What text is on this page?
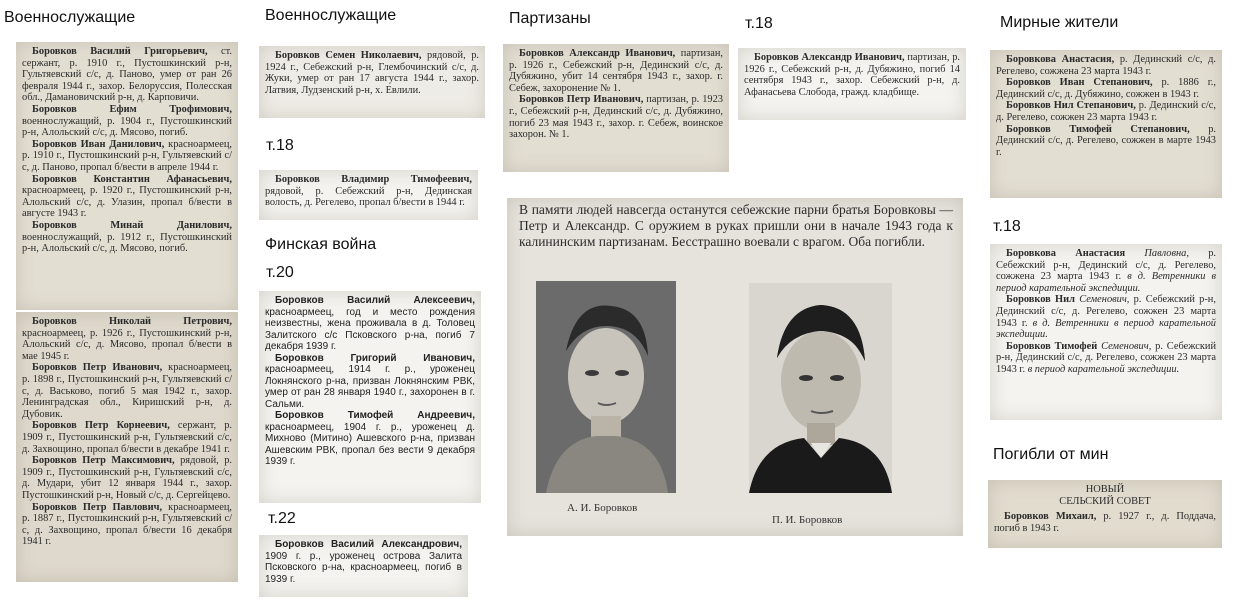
Военнослужащие	Военнослужащие	Партизаны	т.18	Мирные жители
т.18
Финская война
т.20
т.22
т.18
Погибли от мин

Боровков Василий Григорьевич, ст. сержант, р. 1910 г., Пустошкинский р-н, Гультяевский с/с, д. Паново, умер от ран 26 февраля 1944 г., захор. Белоруссия, Полесская обл., Дамановичский р-н, д. Карповичи.

Боровков Ефим Трофимович, военнослужащий, р. 1904 г., Пустошкинский р-н, Алольский с/с, д. Мясово, погиб.

Боровков Иван Данилович, красноармеец, р. 1910 г., Пустошкинский р-н, Гультяевский с/с, д. Паново, пропал б/вести в апреле 1944 г.

Боровков Константин Афанасьевич, красноармеец, р. 1920 г., Пустошкинский р-н, Алольский с/с, д. Улазин, пропал б/вести в августе 1943 г.

Боровков Минай Данилович, военнослужащий, р. 1912 г., Пустошкинский р-н, Алольский с/с, д. Мясово, погиб.

Боровков Николай Петрович, красноармеец, р. 1926 г., Пустошкинский р-н, Алольский с/с, д. Мясово, пропал б/вести в мае 1945 г.

Боровков Петр Иванович, красноармеец, р. 1898 г., Пустошкинский р-н, Гультяевский с/с, д. Васьково, погиб 5 мая 1942 г., захор. Ленинградская обл., Киришский р-н, д. Дубовик.

Боровков Петр Корнеевич, сержант, р. 1909 г., Пустошкинский р-н, Гультяевский с/с, д. Захвощино, пропал б/вести в декабре 1941 г.

Боровков Петр Максимович, рядовой, р. 1909 г., Пустошкинский р-н, Гультяевский с/с, д. Мудари, убит 12 января 1944 г., захор. Пустошкинский р-н, Новый с/с, д. Сергейцево.

Боровков Петр Павлович, красноармеец, р. 1887 г., Пустошкинский р-н, Гультяевский с/с, д. Захвощино, пропал б/вести 16 декабря 1941 г.

Боровков Семен Николаевич, рядовой, р. 1924 г., Себежский р-н, Глембочинский с/с, д. Жуки, умер от ран 17 августа 1944 г., захор. Латвия, Лудзенский р-н, х. Евлили.

Боровков Владимир Тимофеевич, рядовой, р. Себежский р-н, Дединская волость, д. Регелево, пропал б/вести в 1944 г.

Боровков Василий Алексеевич, красноармеец, год и место рождения неизвестны, жена проживала в д. Толовец Залитского с/с Псковского р-на, погиб 7 декабря 1939 г.

Боровков Григорий Иванович, красноармеец, 1914 г. р., уроженец Локнянского р-на, призван Локнянским РВК, умер от ран 28 января 1940 г., захоронен в г. Сальми.

Боровков Тимофей Андреевич, красноармеец, 1904 г. р., уроженец д. Михново (Митино) Ашевского р-на, призван Ашевским РВК, пропал без вести 9 декабря 1939 г.

Боровков Василий Александрович, 1909 г. р., уроженец острова Залита Псковского р-на, красноармеец, погиб в 1939 г.

Боровков Александр Иванович, партизан, р. 1926 г., Себежский р-н, Дединский с/с, д. Дубяжино, убит 14 сентября 1943 г., захор. г. Себеж, захоронение № 1.

Боровков Петр Иванович, партизан, р. 1923 г., Себежский р-н, Дединский с/с, д. Дубяжино, погиб 23 мая 1943 г., захор. г. Себеж, воинское захорон. № 1.

В памяти людей навсегда останутся себежские парни братья Боровковы — Петр и Александр. С оружием в руках пришли они в начале 1943 года к калининским партизанам. Бесстрашно воевали с врагом. Оба погибли.
А. И. Боровков
П. И. Боровков

Боровков Александр Иванович, партизан, р. 1926 г., Себежский р-н, д. Дубяжино, погиб 14 сентября 1943 г., захор. Себежский р-н, д. Афанасьева Слобода, гражд. кладбище.

Боровкова Анастасия, р. Дединский с/с, д. Регелево, сожжена 23 марта 1943 г.

Боровков Иван Степанович, р. 1886 г., Дединский с/с, д. Дубяжино, сожжен в 1943 г.

Боровков Нил Степанович, р. Дединский с/с, д. Регелево, сожжен 23 марта 1943 г.

Боровков Тимофей Степанович, р. Дединский с/с, д. Регелево, сожжен в марте 1943 г.

Боровкова Анастасия Павловна, р. Себежский р-н, Дединский с/с, д. Регелево, сожжена 23 марта 1943 г. в д. Ветренники в период карательной экспедиции.

Боровков Нил Семенович, р. Себежский р-н, Дединский с/с, д. Регелево, сожжен 23 марта 1943 г. в д. Ветренники в период карательной экспедиции.

Боровков Тимофей Семенович, р. Себежский р-н, Дединский с/с, д. Регелево, сожжен 23 марта 1943 г. в период карательной экспедиции.

НОВЫЙ
СЕЛЬСКИЙ СОВЕТ

Боровков Михаил, р. 1927 г., д. Поддача, погиб в 1943 г.
